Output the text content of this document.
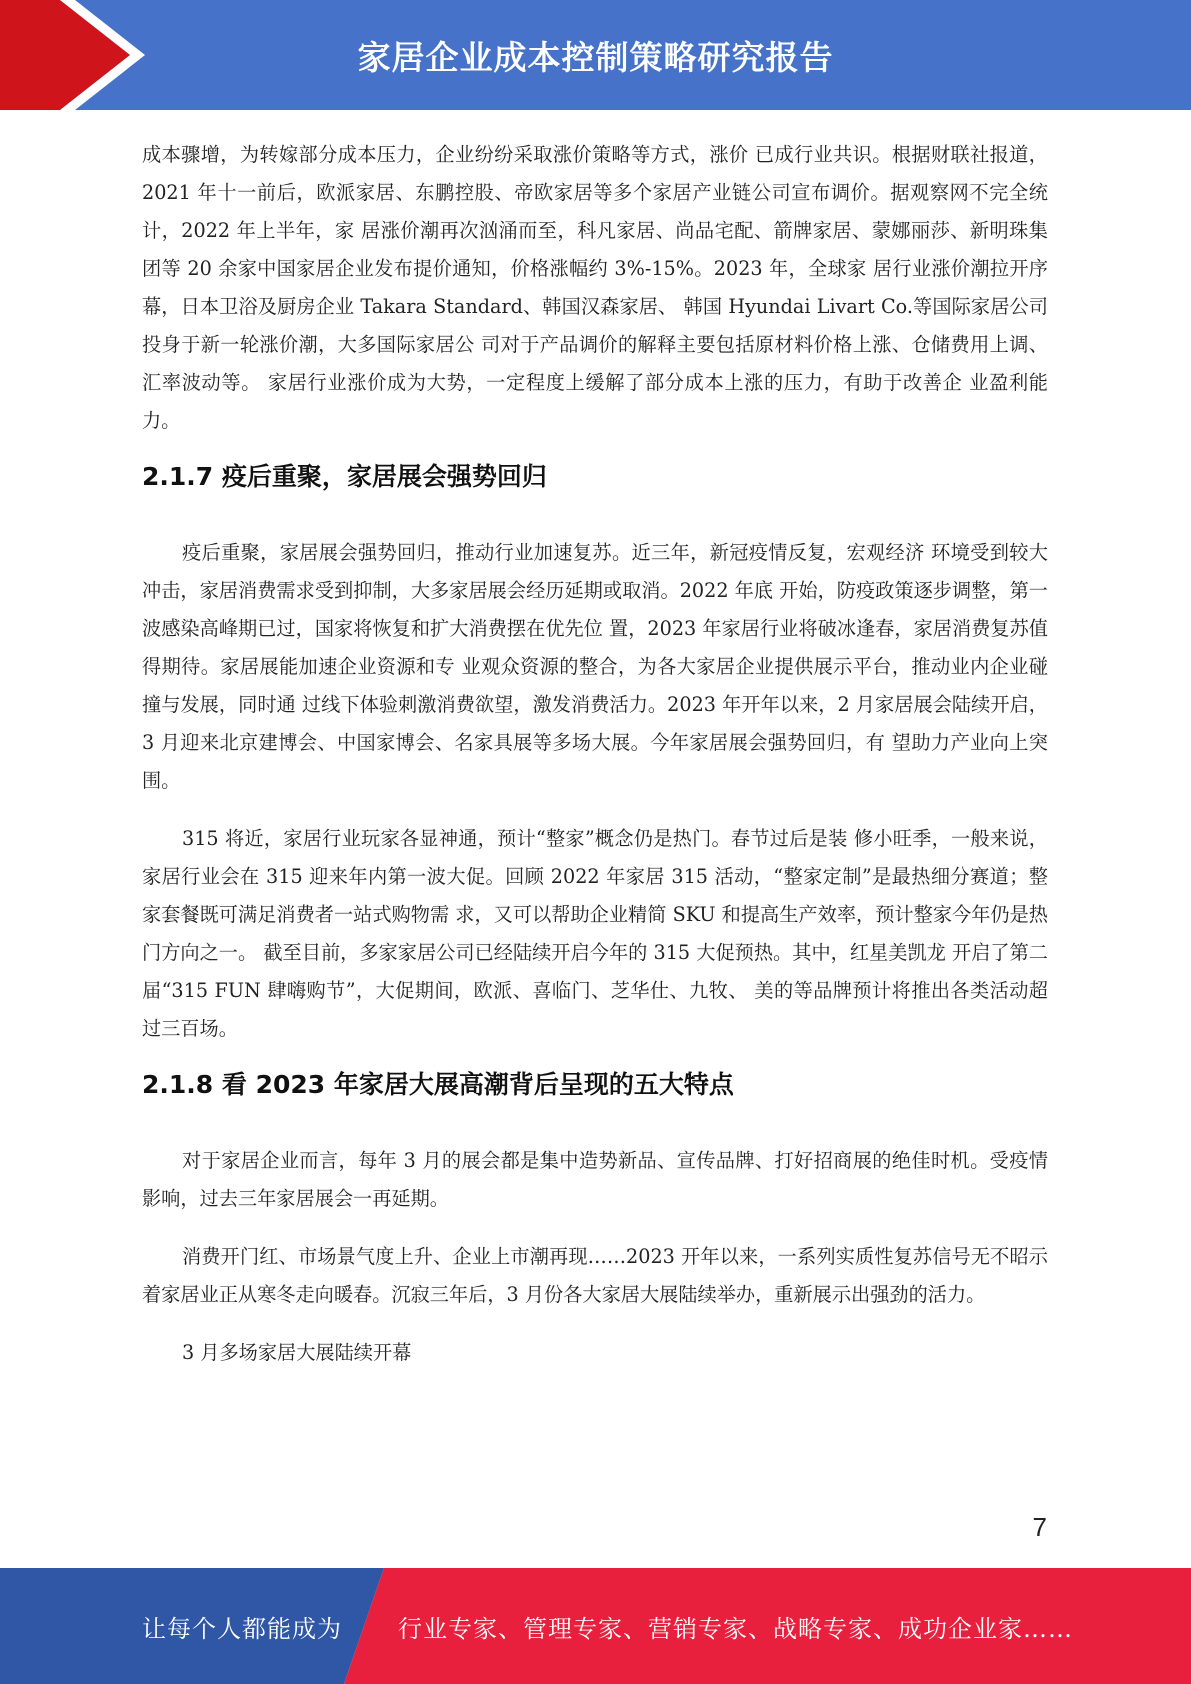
家居企业成本控制策略研究报告

成本骤增，为转嫁部分成本压力，企业纷纷采取涨价策略等方式，涨价 已成行业共识。根据财联社报道，2021 年十一前后，欧派家居、东鹏控股、帝欧家居等多个家居产业链公司宣布调价。据观察网不完全统计，2022 年上半年，家 居涨价潮再次汹涌而至，科凡家居、尚品宅配、箭牌家居、蒙娜丽莎、新明珠集 团等 20 余家中国家居企业发布提价通知，价格涨幅约 3%-15%。2023 年，全球家 居行业涨价潮拉开序幕，日本卫浴及厨房企业 Takara Standard、韩国汉森家居、 韩国 Hyundai Livart Co.等国际家居公司投身于新一轮涨价潮，大多国际家居公 司对于产品调价的解释主要包括原材料价格上涨、仓储费用上调、汇率波动等。 家居行业涨价成为大势，一定程度上缓解了部分成本上涨的压力，有助于改善企 业盈利能力。

2.1.7 疫后重聚，家居展会强势回归

疫后重聚，家居展会强势回归，推动行业加速复苏。近三年，新冠疫情反复，宏观经济 环境受到较大冲击，家居消费需求受到抑制，大多家居展会经历延期或取消。2022 年底 开始，防疫政策逐步调整，第一波感染高峰期已过，国家将恢复和扩大消费摆在优先位 置，2023 年家居行业将破冰逢春，家居消费复苏值得期待。家居展能加速企业资源和专 业观众资源的整合，为各大家居企业提供展示平台，推动业内企业碰撞与发展，同时通 过线下体验刺激消费欲望，激发消费活力。2023 年开年以来，2 月家居展会陆续开启， 3 月迎来北京建博会、中国家博会、名家具展等多场大展。今年家居展会强势回归，有 望助力产业向上突围。

315 将近，家居行业玩家各显神通，预计“整家”概念仍是热门。春节过后是装 修小旺季，一般来说，家居行业会在 315 迎来年内第一波大促。回顾 2022 年家居 315 活动，“整家定制”是最热细分赛道；整家套餐既可满足消费者一站式购物需 求，又可以帮助企业精简 SKU 和提高生产效率，预计整家今年仍是热门方向之一。 截至目前，多家家居公司已经陆续开启今年的 315 大促预热。其中，红星美凯龙 开启了第二届“315 FUN 肆嗨购节”，大促期间，欧派、喜临门、芝华仕、九牧、 美的等品牌预计将推出各类活动超过三百场。

2.1.8 看 2023 年家居大展高潮背后呈现的五大特点

对于家居企业而言，每年 3 月的展会都是集中造势新品、宣传品牌、打好招商展的绝佳时机。受疫情影响，过去三年家居展会一再延期。

消费开门红、市场景气度上升、企业上市潮再现……2023 开年以来，一系列实质性复苏信号无不昭示着家居业正从寒冬走向暖春。沉寂三年后，3 月份各大家居大展陆续举办，重新展示出强劲的活力。

3 月多场家居大展陆续开幕

7
让每个人都能成为 行业专家、管理专家、营销专家、战略专家、成功企业家……
